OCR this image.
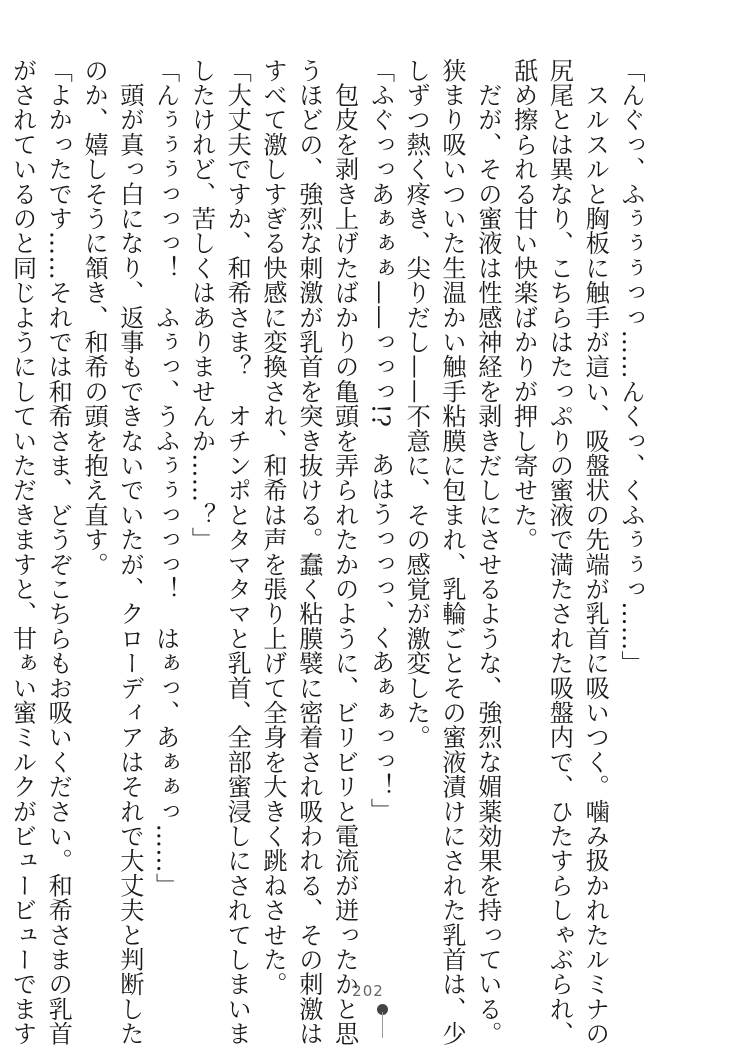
「んぐっ、ふぅぅぅっっ……んくっ、くふぅぅっ……」

　スルスルと胸板に触手が這い、吸盤状の先端が乳首に吸いつく。噛み扱かれたルミナの

尻尾とは異なり、こちらはたっぷりの蜜液で満たされた吸盤内で、ひたすらしゃぶられ、

舐め擦られる甘い快楽ばかりが押し寄せた。

　だが、その蜜液は性感神経を剥きだしにさせるような、強烈な媚薬効果を持っている。

狭まり吸いついた生温かい触手粘膜に包まれ、乳輪ごとその蜜液漬けにされた乳首は、少

しずつ熱く疼き、尖りだし——不意に、その感覚が激変した。

「ふぐっっあぁぁぁ——っっっ!?　あはうっっっ、くあぁぁっっ！」

　包皮を剥き上げたばかりの亀頭を弄られたかのように、ビリビリと電流が迸ったかと思

うほどの、強烈な刺激が乳首を突き抜ける。蠢く粘膜襞に密着され吸われる、その刺激は

すべて激しすぎる快感に変換され、和希は声を張り上げて全身を大きく跳ねさせた。

「大丈夫ですか、和希さま？　オチンポとタマタマと乳首、全部蜜浸しにされてしまいま

したけれど、苦しくはありませんか……？」

「んぅぅぅっっっ！　ふぅっ、うふぅぅっっっ！　はぁっ、あぁぁっ……」

　頭が真っ白になり、返事もできないでいたが、クローディアはそれで大丈夫と判断した

のか、嬉しそうに頷き、和希の頭を抱え直す。

「よかったです……それでは和希さま、どうぞこちらもお吸いください。和希さまの乳首

がされているのと同じようにしていただきますと、甘ぁい蜜ミルクがビュービューでます	202
